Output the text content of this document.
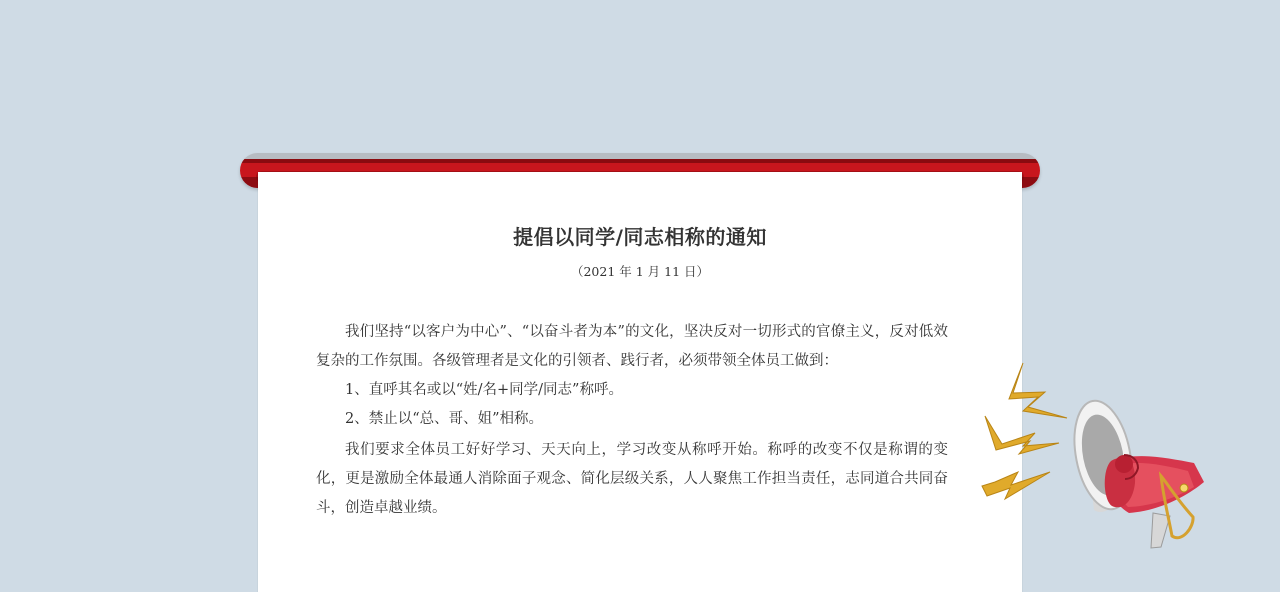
提倡以同学/同志相称的通知
（2021 年 1 月 11 日）

我们坚持“以客户为中心”、“以奋斗者为本”的文化，坚决反对一切形式的官僚主义，反对低效复杂的工作氛围。各级管理者是文化的引领者、践行者，必须带领全体员工做到：

1、直呼其名或以“姓/名+同学/同志”称呼。

2、禁止以“总、哥、姐”相称。

我们要求全体员工好好学习、天天向上，学习改变从称呼开始。称呼的改变不仅是称谓的变化，更是激励全体最通人消除面子观念、简化层级关系，人人聚焦工作担当责任，志同道合共同奋斗，创造卓越业绩。
